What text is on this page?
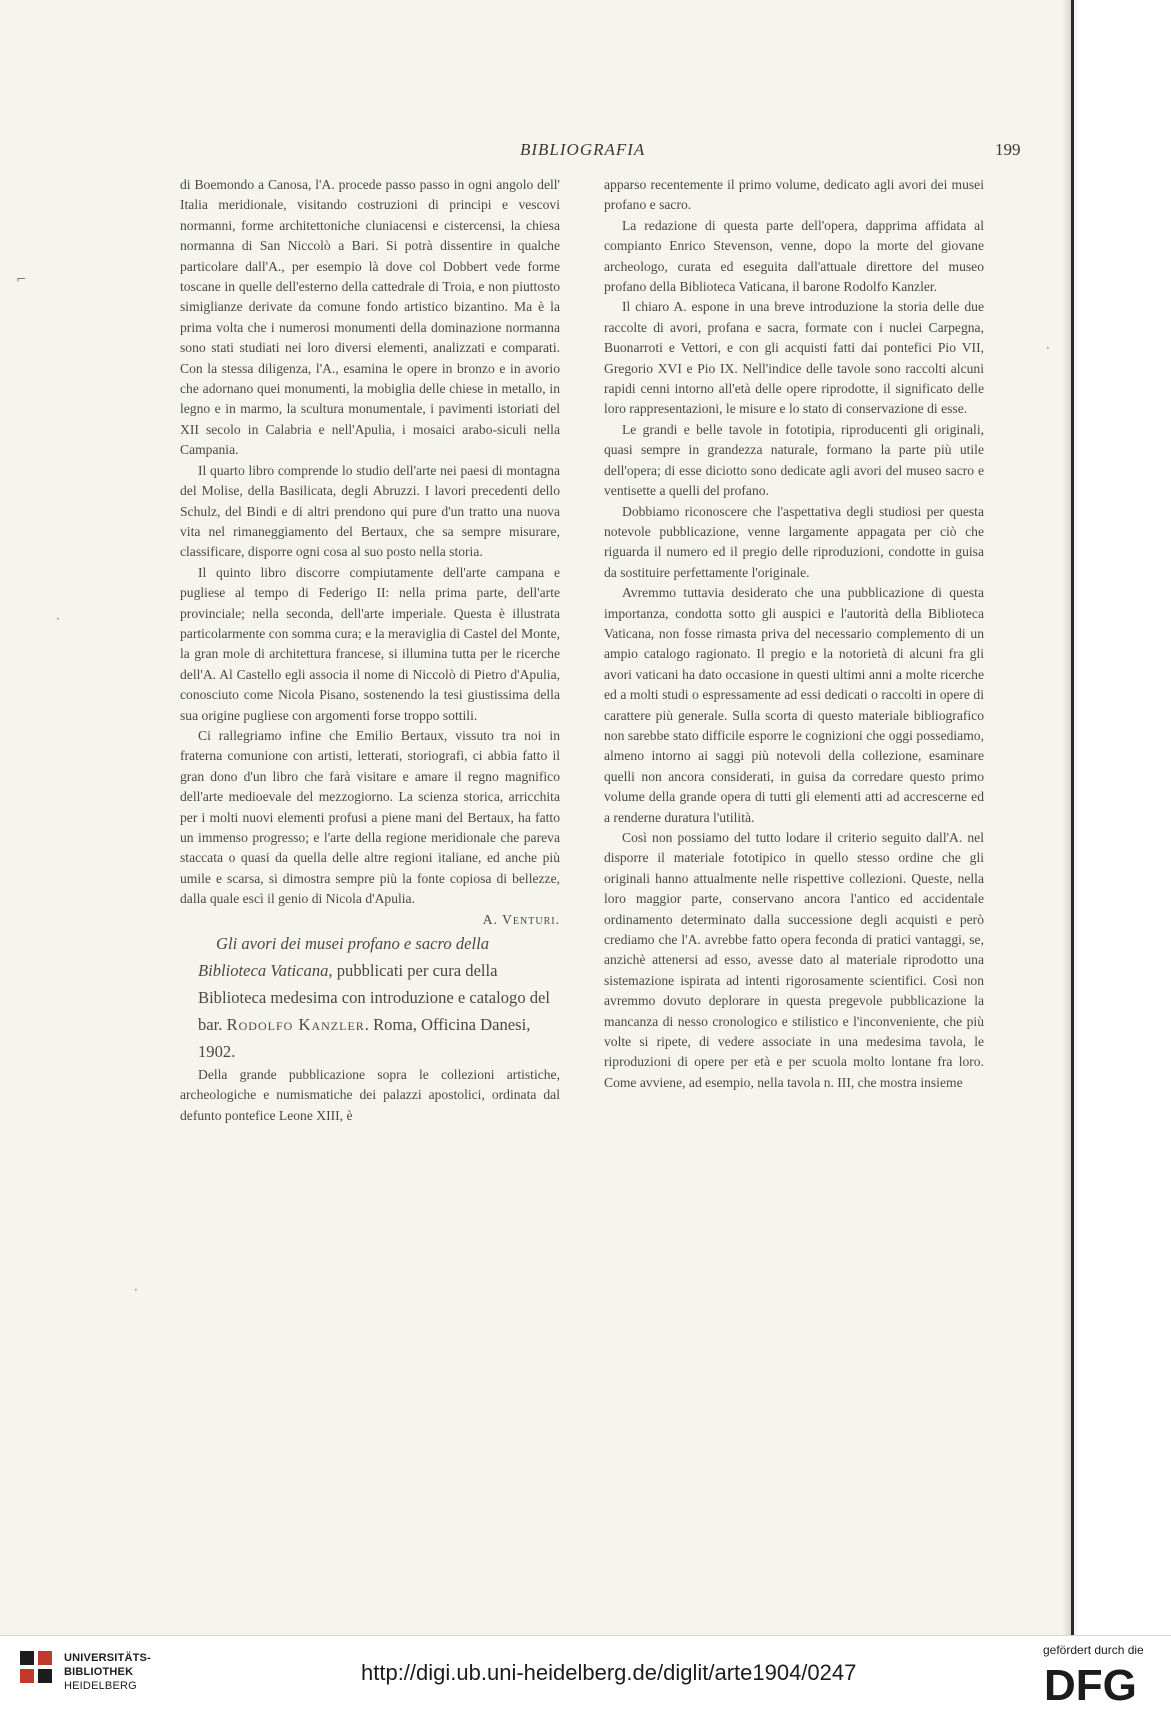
BIBLIOGRAFIA	199
⌐
·
·
·

di Boemondo a Canosa, l'A. procede passo passo in ogni angolo dell' Italia meridionale, visitando costruzioni di principi e vescovi normanni, forme architettoniche cluniacensi e cistercensi, la chiesa normanna di San Niccolò a Bari. Si potrà dissentire in qualche particolare dall'A., per esempio là dove col Dobbert vede forme toscane in quelle dell'esterno della cattedrale di Troia, e non piuttosto simiglianze derivate da comune fondo artistico bizantino. Ma è la prima volta che i numerosi monumenti della dominazione normanna sono stati studiati nei loro diversi elementi, analizzati e comparati. Con la stessa diligenza, l'A., esamina le opere in bronzo e in avorio che adornano quei monumenti, la mobiglia delle chiese in metallo, in legno e in marmo, la scultura monumentale, i pavimenti istoriati del XII secolo in Calabria e nell'Apulia, i mosaici arabo-siculi nella Campania.

Il quarto libro comprende lo studio dell'arte nei paesi di montagna del Molise, della Basilicata, degli Abruzzi. I lavori precedenti dello Schulz, del Bindi e di altri prendono qui pure d'un tratto una nuova vita nel rimaneggiamento del Bertaux, che sa sempre misurare, classificare, disporre ogni cosa al suo posto nella storia.

Il quinto libro discorre compiutamente dell'arte campana e pugliese al tempo di Federigo II: nella prima parte, dell'arte provinciale; nella seconda, dell'arte imperiale. Questa è illustrata particolarmente con somma cura; e la meraviglia di Castel del Monte, la gran mole di architettura francese, si illumina tutta per le ricerche dell'A. Al Castello egli associa il nome di Niccolò di Pietro d'Apulia, conosciuto come Nicola Pisano, sostenendo la tesi giustissima della sua origine pugliese con argomenti forse troppo sottili.

Ci rallegriamo infine che Emilio Bertaux, vissuto tra noi in fraterna comunione con artisti, letterati, storiografi, ci abbia fatto il gran dono d'un libro che farà visitare e amare il regno magnifico dell'arte medioevale del mezzogiorno. La scienza storica, arricchita per i molti nuovi elementi profusi a piene mani del Bertaux, ha fatto un immenso progresso; e l'arte della regione meridionale che pareva staccata o quasi da quella delle altre regioni italiane, ed anche più umile e scarsa, si dimostra sempre più la fonte copiosa di bellezze, dalla quale escì il genio di Nicola d'Apulia.

A. Venturi.

Gli avori dei musei profano e sacro della Biblioteca Vaticana, pubblicati per cura della Biblioteca medesima con introduzione e catalogo del bar. Rodolfo Kanzler. Roma, Officina Danesi, 1902.

Della grande pubblicazione sopra le collezioni artistiche, archeologiche e numismatiche dei palazzi apostolici, ordinata dal defunto pontefice Leone XIII, è

apparso recentemente il primo volume, dedicato agli avori dei musei profano e sacro.

La redazione di questa parte dell'opera, dapprima affidata al compianto Enrico Stevenson, venne, dopo la morte del giovane archeologo, curata ed eseguita dall'attuale direttore del museo profano della Biblioteca Vaticana, il barone Rodolfo Kanzler.

Il chiaro A. espone in una breve introduzione la storia delle due raccolte di avori, profana e sacra, formate con i nuclei Carpegna, Buonarroti e Vettori, e con gli acquisti fatti dai pontefici Pio VII, Gregorio XVI e Pio IX. Nell'indice delle tavole sono raccolti alcuni rapidi cenni intorno all'età delle opere riprodotte, il significato delle loro rappresentazioni, le misure e lo stato di conservazione di esse.

Le grandi e belle tavole in fototipia, riproducenti gli originali, quasi sempre in grandezza naturale, formano la parte più utile dell'opera; di esse diciotto sono dedicate agli avori del museo sacro e ventisette a quelli del profano.

Dobbiamo riconoscere che l'aspettativa degli studiosi per questa notevole pubblicazione, venne largamente appagata per ciò che riguarda il numero ed il pregio delle riproduzioni, condotte in guisa da sostituire perfettamente l'originale.

Avremmo tuttavia desiderato che una pubblicazione di questa importanza, condotta sotto gli auspici e l'autorità della Biblioteca Vaticana, non fosse rimasta priva del necessario complemento di un ampio catalogo ragionato. Il pregio e la notorietà di alcuni fra gli avori vaticani ha dato occasione in questi ultimi anni a molte ricerche ed a molti studi o espressamente ad essi dedicati o raccolti in opere di carattere più generale. Sulla scorta di questo materiale bibliografico non sarebbe stato difficile esporre le cognizioni che oggi possediamo, almeno intorno ai saggi più notevoli della collezione, esaminare quelli non ancora considerati, in guisa da corredare questo primo volume della grande opera di tutti gli elementi atti ad accrescerne ed a renderne duratura l'utilità.

Così non possiamo del tutto lodare il criterio seguito dall'A. nel disporre il materiale fototipico in quello stesso ordine che gli originali hanno attualmente nelle rispettive collezioni. Queste, nella loro maggior parte, conservano ancora l'antico ed accidentale ordinamento determinato dalla successione degli acquisti e però crediamo che l'A. avrebbe fatto opera feconda di pratici vantaggi, se, anzichè attenersi ad esso, avesse dato al materiale riprodotto una sistemazione ispirata ad intenti rigorosamente scientifici. Così non avremmo dovuto deplorare in questa pregevole pubblicazione la mancanza di nesso cronologico e stilistico e l'inconveniente, che più volte si ripete, di vedere associate in una medesima tavola, le riproduzioni di opere per età e per scuola molto lontane fra loro. Come avviene, ad esempio, nella tavola n. III, che mostra insieme

UNIVERSITÄTS-
BIBLIOTHEK
HEIDELBERG
http://digi.ub.uni-heidelberg.de/diglit/arte1904/0247
gefördert durch die
DFG
